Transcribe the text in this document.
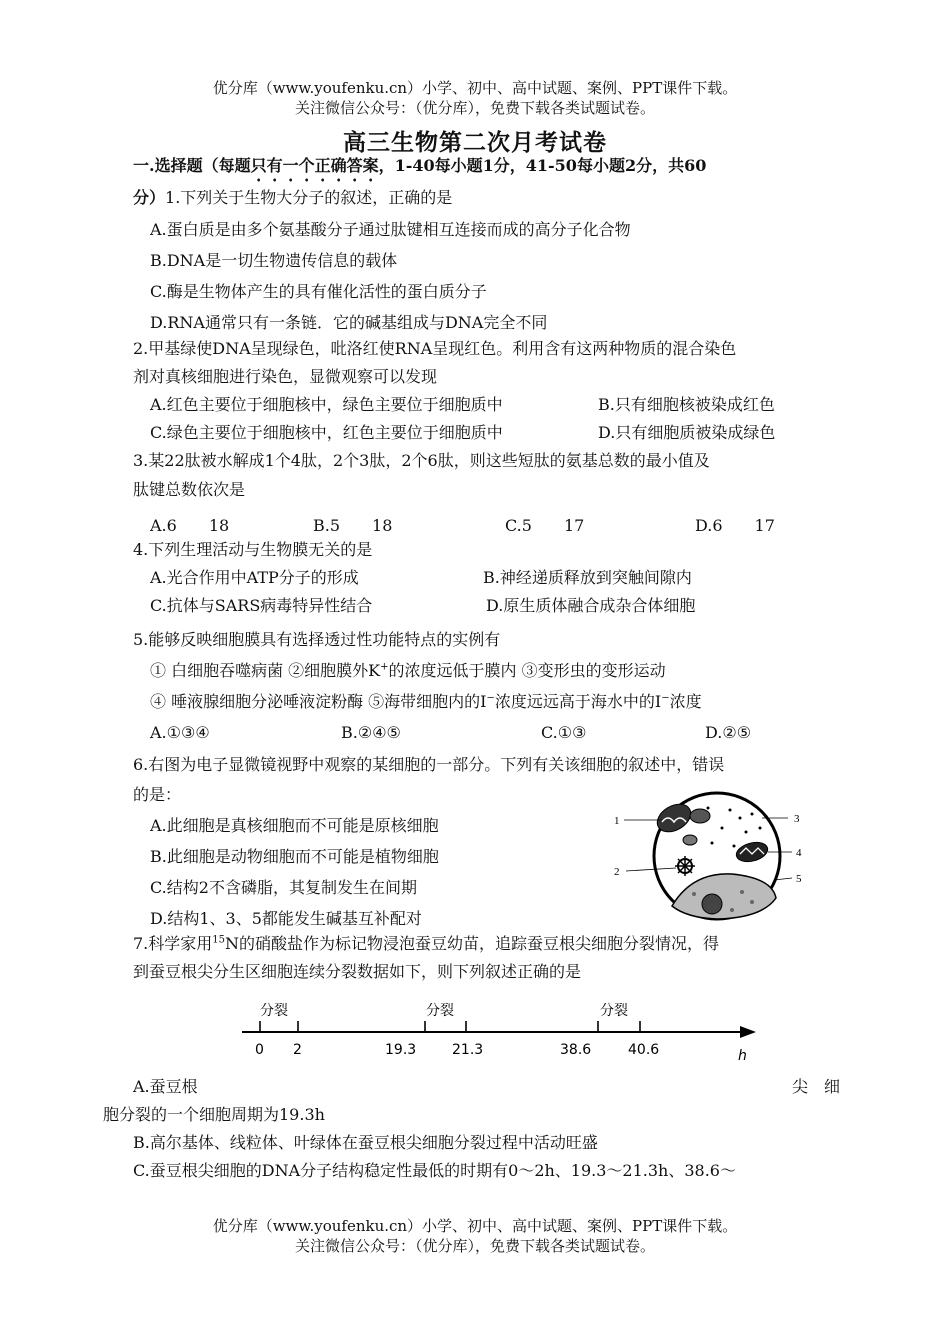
优分库（www.youfenku.cn）小学、初中、高中试题、案例、PPT课件下载。
关注微信公众号：（优分库），免费下载各类试题试卷。
高三生物第二次月考试卷
一.选择题（每题只有一个正确答案，1-40每小题1分，41-50每小题2分，共60
分）1.下列关于生物大分子的叙述，正确的是
A.蛋白质是由多个氨基酸分子通过肽键相互连接而成的高分子化合物
B.DNA是一切生物遗传信息的载体
C.酶是生物体产生的具有催化活性的蛋白质分子
D.RNA通常只有一条链．它的碱基组成与DNA完全不同
2.甲基绿使DNA呈现绿色，吡洛红使RNA呈现红色。利用含有这两种物质的混合染色
剂对真核细胞进行染色，显微观察可以发现
A.红色主要位于细胞核中，绿色主要位于细胞质中	B.只有细胞核被染成红色
C.绿色主要位于细胞核中，红色主要位于细胞质中	D.只有细胞质被染成绿色
3.某22肽被水解成1个4肽，2个3肽，2个6肽，则这些短肽的氨基总数的最小值及
肽键总数依次是
A.6　　18	B.5　　18	C.5　　17	D.6　　17
4.下列生理活动与生物膜无关的是
A.光合作用中ATP分子的形成	B.神经递质释放到突触间隙内
C.抗体与SARS病毒特异性结合	D.原生质体融合成杂合体细胞
5.能够反映细胞膜具有选择透过性功能特点的实例有
① 白细胞吞噬病菌 ②细胞膜外K+的浓度远低于膜内 ③变形虫的变形运动
④ 唾液腺细胞分泌唾液淀粉酶 ⑤海带细胞内的I−浓度远远高于海水中的I−浓度
A.①③④	B.②④⑤	C.①③	D.②⑤
6.右图为电子显微镜视野中观察的某细胞的一部分。下列有关该细胞的叙述中，错误
的是：
A.此细胞是真核细胞而不可能是原核细胞
B.此细胞是动物细胞而不可能是植物细胞
C.结构2不含磷脂，其复制发生在间期
D.结构1、3、5都能发生碱基互补配对
1
2
3
4
5
7.科学家用$^{15}$N的硝酸盐作为标记物浸泡蚕豆幼苗，追踪蚕豆根尖细胞分裂情况，得
到蚕豆根尖分生区细胞连续分裂数据如下，则下列叙述正确的是
分裂	分裂	分裂
0 2	19.3	21.3	38.6	40.6	h
A.蚕豆根	尖　细
胞分裂的一个细胞周期为19.3h
B.高尔基体、线粒体、叶绿体在蚕豆根尖细胞分裂过程中活动旺盛
C.蚕豆根尖细胞的DNA分子结构稳定性最低的时期有0～2h、19.3～21.3h、38.6～
优分库（www.youfenku.cn）小学、初中、高中试题、案例、PPT课件下载。
关注微信公众号：（优分库），免费下载各类试题试卷。
